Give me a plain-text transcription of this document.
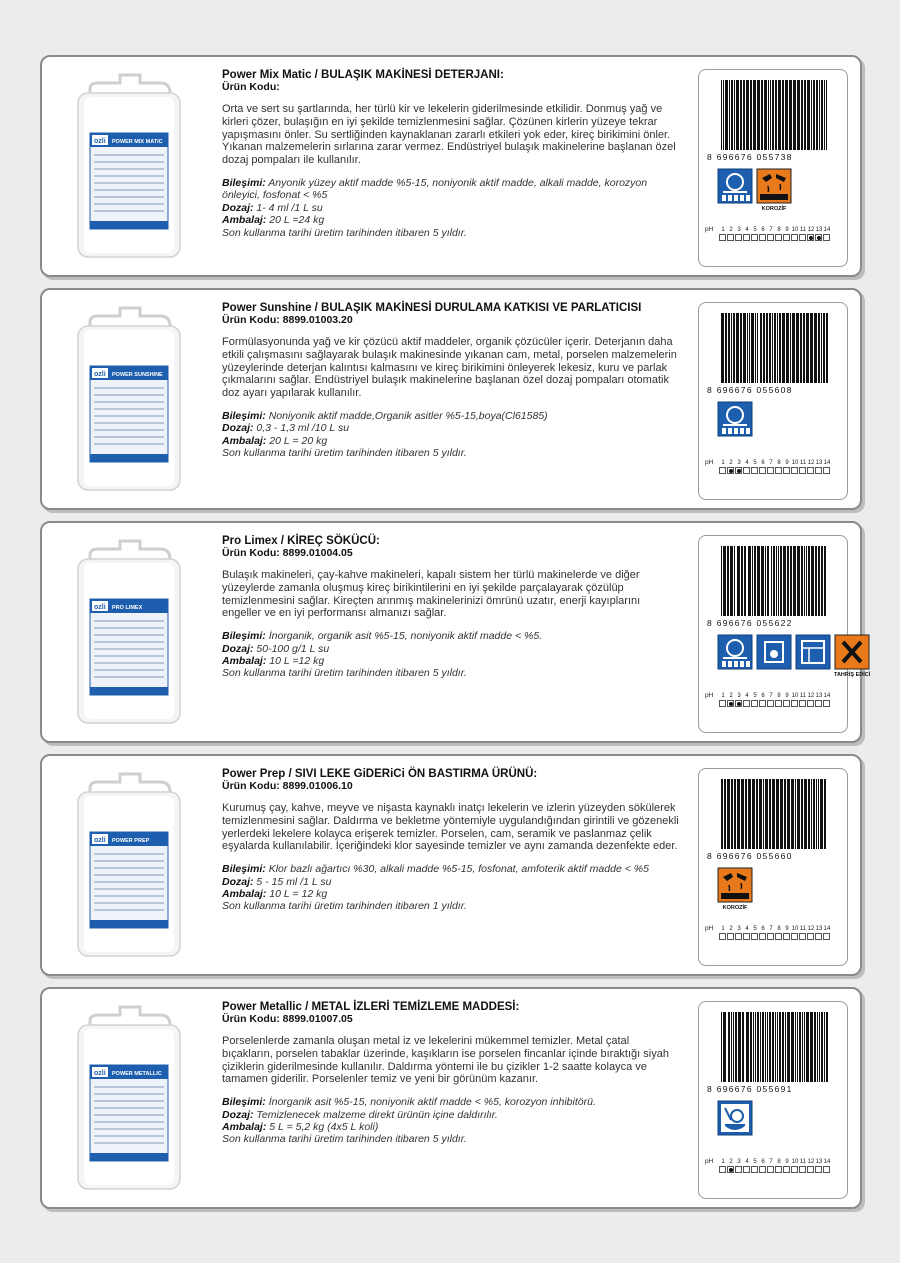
ozli POWER MIX MATIC
Power Mix Matic / BULAŞIK MAKİNESİ DETERJANI:
Ürün Kodu:
Orta ve sert su şartlarında, her türlü kir ve lekelerin giderilmesinde etkilidir. Donmuş yağ ve kirleri çözer, bulaşığın en iyi şekilde temizlenmesini sağlar. Çözünen kirlerin yüzeye tekrar yapışmasını önler. Su sertliğinden kaynaklanan zararlı etkileri yok eder, kireç birikimini önler. Yıkanan malzemelerin sırlarına zarar vermez. Endüstriyel bulaşık makinelerine başlanan özel dozaj pompaları ile kullanılır.
Bileşimi: Anyonik yüzey aktif madde %5-15, noniyonik aktif madde, alkali madde, korozyon önleyici, fosfonat < %5
Dozaj: 1- 4 ml /1 L su
Ambalaj: 20 L =24 kg
Son kullanma tarihi üretim tarihinden itibaren 5 yıldır.
8 696676 055738
KOROZİF
pH	1 2 3 4 5 6 7 8 9 10 11 12 13 14
ozli POWER SUNSHINE
Power Sunshine / BULAŞIK MAKİNESİ DURULAMA KATKISI VE PARLATICISI
Ürün Kodu: 8899.01003.20
Formülasyonunda yağ ve kir çözücü aktif maddeler, organik çözücüler içerir. Deterjanın daha etkili çalışmasını sağlayarak bulaşık makinesinde yıkanan cam, metal, porselen malzemelerin yüzeylerinde deterjan kalıntısı kalmasını ve kireç birikimini önleyerek lekesiz, kuru ve parlak çıkmalarını sağlar. Endüstriyel bulaşık makinelerine başlanan özel dozaj pompaları otomatik doz ayarı yapılarak kullanılır.
Bileşimi: Noniyonik aktif madde,Organik asitler %5-15,boya(Cl61585)
Dozaj: 0,3 - 1,3 ml /10 L su
Ambalaj: 20 L = 20 kg
Son kullanma tarihi üretim tarihinden itibaren 5 yıldır.
8 696676 055608
pH	1 2 3 4 5 6 7 8 9 10 11 12 13 14
ozli PRO LIMEX
Pro Limex / KİREÇ SÖKÜCÜ:
Ürün Kodu: 8899.01004.05
Bulaşık makineleri, çay-kahve makineleri, kapalı sistem her türlü makinelerde ve diğer yüzeylerde zamanla oluşmuş kireç birikintilerini en iyi şekilde parçalayarak çözülüp temizlenmesini sağlar. Kireçten arınmış makinelerinizi ömrünü uzatır, enerji kayıplarını engeller ve en iyi performansı almanızı sağlar.
Bileşimi: İnorganik, organik asit %5-15, noniyonik aktif madde < %5.
Dozaj: 50-100 g/1 L su
Ambalaj: 10 L =12 kg
Son kullanma tarihi üretim tarihinden itibaren 5 yıldır.
8 696676 055622
TAHRİŞ EDİCİ
pH	1 2 3 4 5 6 7 8 9 10 11 12 13 14
ozli POWER PREP
Power Prep / SIVI LEKE GiDERiCi ÖN BASTIRMA ÜRÜNÜ:
Ürün Kodu: 8899.01006.10
Kurumuş çay, kahve, meyve ve nişasta kaynaklı inatçı lekelerin ve izlerin yüzeyden sökülerek temizlenmesini sağlar. Daldırma ve bekletme yöntemiyle uygulandığından girintili ve gözenekli yerlerdeki lekelere kolayca erişerek temizler. Porselen, cam, seramik ve paslanmaz çelik eşyalarda kullanılabilir. İçeriğindeki klor sayesinde temizler ve aynı zamanda dezenfekte eder.
Bileşimi: Klor bazlı ağartıcı %30, alkali madde %5-15, fosfonat, amfoterik aktif madde < %5
Dozaj: 5 - 15 ml /1 L su
Ambalaj: 10 L = 12 kg
Son kullanma tarihi üretim tarihinden itibaren 1 yıldır.
8 696676 055660
KOROZİF
pH	1 2 3 4 5 6 7 8 9 10 11 12 13 14
ozli POWER METALLIC
Power Metallic / METAL İZLERİ TEMİZLEME MADDESİ:
Ürün Kodu: 8899.01007.05
Porselenlerde zamanla oluşan metal iz ve lekelerini mükemmel temizler. Metal çatal bıçakların, porselen tabaklar üzerinde, kaşıkların ise porselen fincanlar içinde bıraktığı siyah çiziklerin giderilmesinde kullanılır. Daldırma yöntemi ile bu çizikler 1-2 saatte kolayca ve tamamen giderilir. Porselenler temiz ve yeni bir görünüm kazanır.
Bileşimi: İnorganik asit %5-15, noniyonik aktif madde < %5, korozyon inhibitörü.
Dozaj: Temizlenecek malzeme direkt ürünün içine daldırılır.
Ambalaj: 5 L = 5,2 kg (4x5 L koli)
Son kullanma tarihi üretim tarihinden itibaren 5 yıldır.
8 696676 055691
pH	1 2 3 4 5 6 7 8 9 10 11 12 13 14
